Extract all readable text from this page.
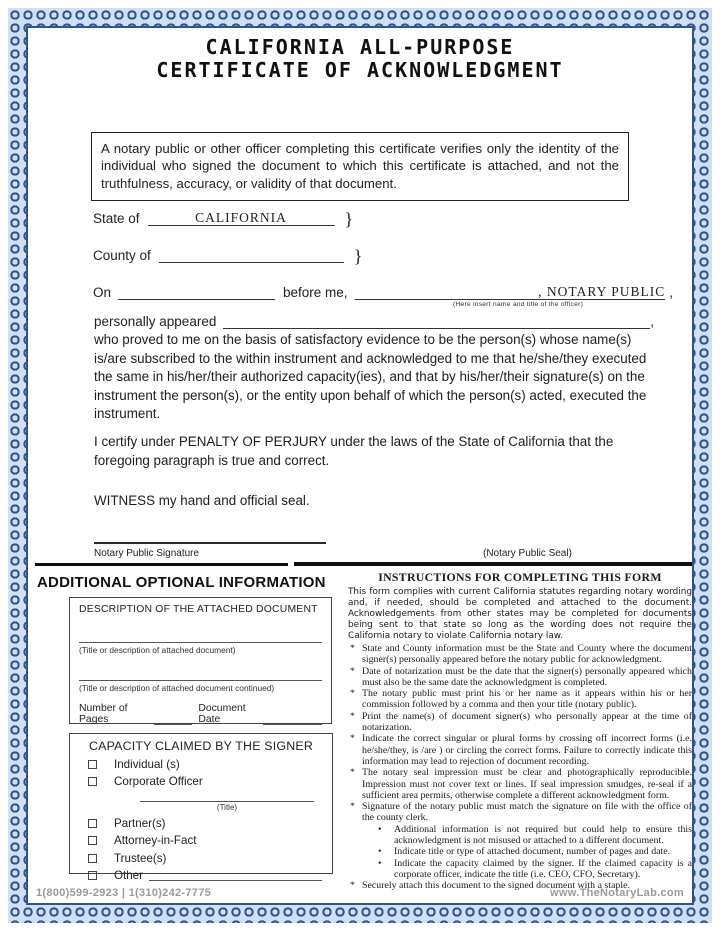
CALIFORNIA ALL-PURPOSE
CERTIFICATE OF ACKNOWLEDGMENT
A notary public or other officer completing this certificate verifies only the identity of the individual who signed the document to which this certificate is attached, and not the truthfulness, accuracy, or validity of that document.
State of	CALIFORNIA	}
County of	}
On	before me,	, NOTARY PUBLIC ,
(Here insert name and title of the officer)
personally appeared	,
who proved to me on the basis of satisfactory evidence to be the person(s) whose name(s) is/are subscribed to the within instrument and acknowledged to me that he/she/they executed the same in his/her/their authorized capacity(ies), and that by his/her/their signature(s) on the instrument the person(s), or the entity upon behalf of which the person(s) acted, executed the instrument.
I certify under PENALTY OF PERJURY under the laws of the State of California that the foregoing paragraph is true and correct.
WITNESS my hand and official seal.
Notary Public Signature	(Notary Public Seal)
ADDITIONAL OPTIONAL INFORMATION
DESCRIPTION OF THE ATTACHED DOCUMENT
(Title or description of attached document)
(Title or description of attached document continued)
Number of Pages
Document Date
CAPACITY CLAIMED BY THE SIGNER
Individual (s)
Corporate Officer
(Title)
Partner(s)
Attorney-in-Fact
Trustee(s)
Other
INSTRUCTIONS FOR COMPLETING THIS FORM
This form complies with current California statutes regarding notary wording and, if needed, should be completed and attached to the document. Acknowledgements from other states may be completed for documents being sent to that state so long as the wording does not require the California notary to violate California notary law.
* State and County information must be the State and County where the document signer(s) personally appeared before the notary public for acknowledgment.
* Date of notarization must be the date that the signer(s) personally appeared which must also be the same date the acknowledgment is completed.
* The notary public must print his or her name as it appears within his or her commission followed by a comma and then your title (notary public).
* Print the name(s) of document signer(s) who personally appear at the time of notarization.
* Indicate the correct singular or plural forms by crossing off incorrect forms (i.e. he/she/they, is /are ) or circling the correct forms. Failure to correctly indicate this information may lead to rejection of document recording.
* The notary seal impression must be clear and photographically reproducible. Impression must not cover text or lines. If seal impression smudges, re-seal if a sufficient area permits, otherwise complete a different acknowledgment form.
* Signature of the notary public must match the signature on file with the office of the county clerk.
• Additional information is not required but could help to ensure this acknowledgment is not misused or attached to a different document.
• Indicate title or type of attached document, number of pages and date.
• Indicate the capacity claimed by the signer. If the claimed capacity is a corporate officer, indicate the title (i.e. CEO, CFO, Secretary).
* Securely attach this document to the signed document with a staple.
1(800)599-2923 | 1(310)242-7775	www.TheNotaryLab.com
